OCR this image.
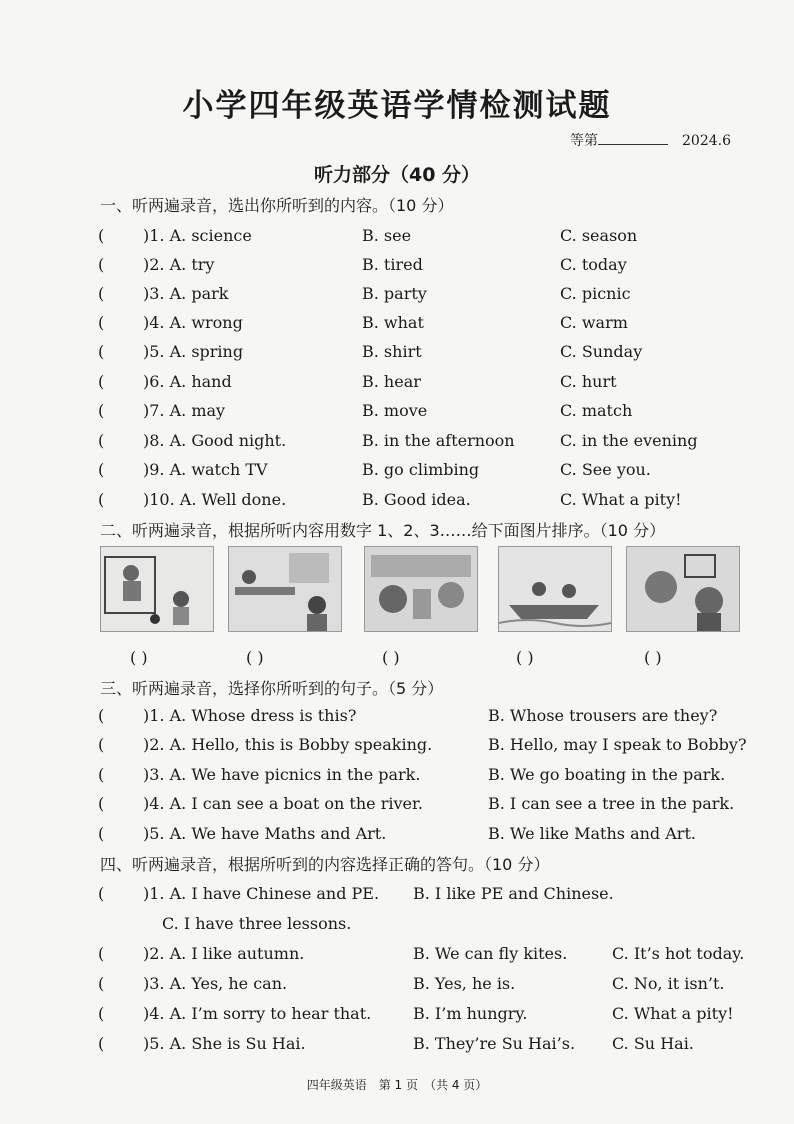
小学四年级英语学情检测试题
等第	2024.6
听力部分（40 分）
一、听两遍录音，选出你所听到的内容。（10 分）
( )1. A. science	B. see	C. season
( )2. A. try	B. tired	C. today
( )3. A. park	B. party	C. picnic
( )4. A. wrong	B. what	C. warm
( )5. A. spring	B. shirt	C. Sunday
( )6. A. hand	B. hear	C. hurt
( )7. A. may	B. move	C. match
( )8. A. Good night.	B. in the afternoon	C. in the evening
( )9. A. watch TV	B. go climbing	C. See you.
( )10. A. Well done.	B. Good idea.	C. What a pity!
二、听两遍录音，根据所听内容用数字 1、2、3……给下面图片排序。（10 分）
( )	( )	( )	( )	( )
三、听两遍录音，选择你所听到的句子。（5 分）
( )1. A. Whose dress is this?	B. Whose trousers are they?
( )2. A. Hello, this is Bobby speaking.	B. Hello, may I speak to Bobby?
( )3. A. We have picnics in the park.	B. We go boating in the park.
( )4. A. I can see a boat on the river.	B. I can see a tree in the park.
( )5. A. We have Maths and Art.	B. We like Maths and Art.
四、听两遍录音，根据所听到的内容选择正确的答句。（10 分）
( )1. A. I have Chinese and PE. B. I like PE and Chinese.
C. I have three lessons.
( )2. A. I like autumn.	B. We can fly kites.	C. It’s hot today.
( )3. A. Yes, he can.	B. Yes, he is.	C. No, it isn’t.
( )4. A. I’m sorry to hear that.	B. I’m hungry.	C. What a pity!
( )5. A. She is Su Hai.	B. They’re Su Hai’s. C. Su Hai.
四年级英语　第 1 页　（共 4 页）
